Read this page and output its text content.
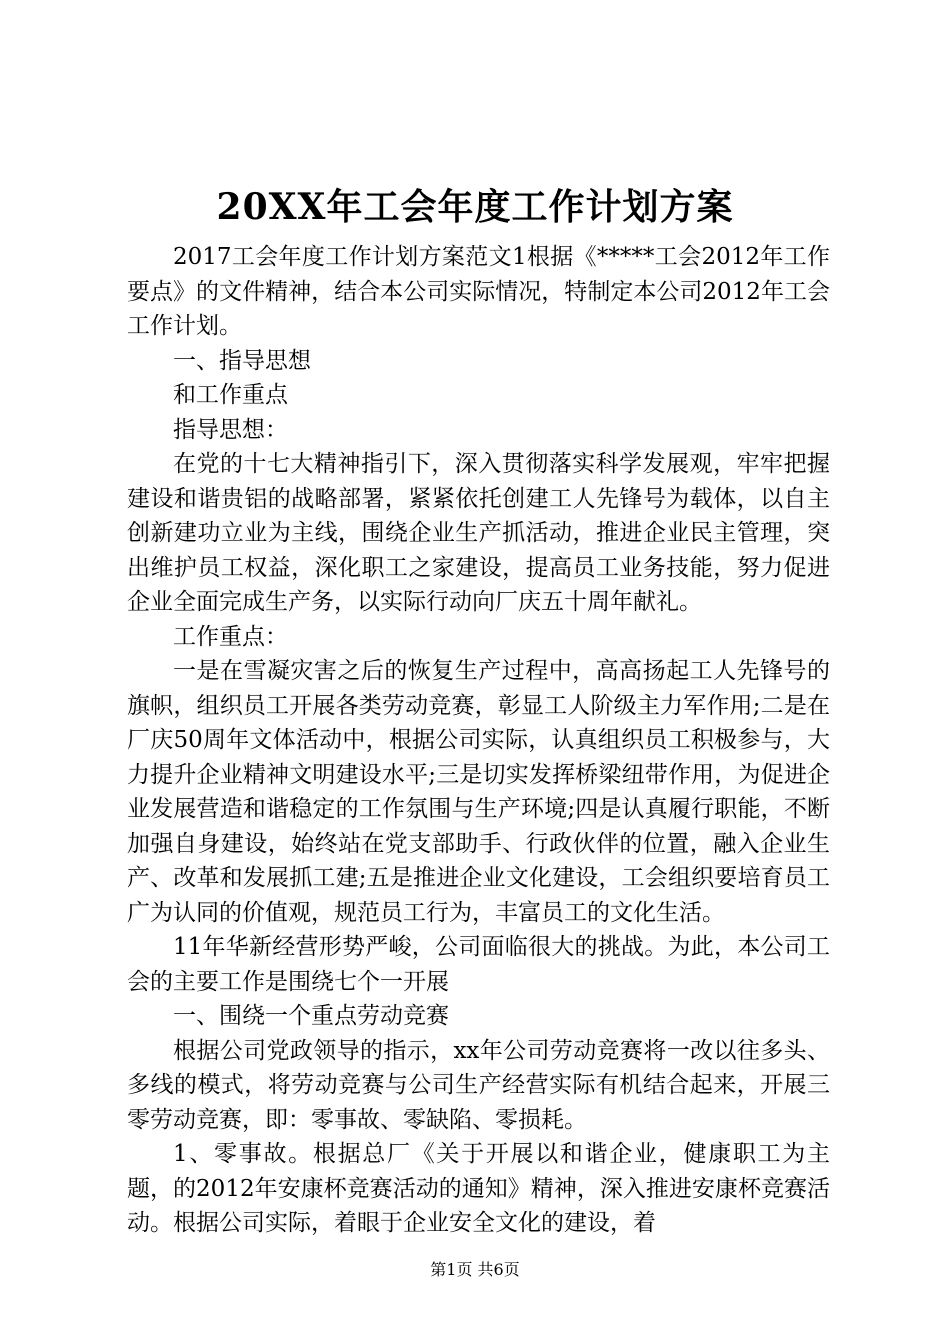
20XX年工会年度工作计划方案

2017工会年度工作计划方案范文1根据《*****工会2012年工作要点》的文件精神，结合本公司实际情况，特制定本公司2012年工会工作计划。

一、指导思想

和工作重点

指导思想：

在党的十七大精神指引下，深入贯彻落实科学发展观，牢牢把握建设和谐贵铝的战略部署，紧紧依托创建工人先锋号为载体，以自主创新建功立业为主线，围绕企业生产抓活动，推进企业民主管理，突出维护员工权益，深化职工之家建设，提高员工业务技能，努力促进企业全面完成生产务，以实际行动向厂庆五十周年献礼。

工作重点：

一是在雪凝灾害之后的恢复生产过程中，高高扬起工人先锋号的旗帜，组织员工开展各类劳动竞赛，彰显工人阶级主力军作用;二是在厂庆50周年文体活动中，根据公司实际，认真组织员工积极参与，大力提升企业精神文明建设水平;三是切实发挥桥梁纽带作用，为促进企业发展营造和谐稳定的工作氛围与生产环境;四是认真履行职能，不断加强自身建设，始终站在党支部助手、行政伙伴的位置，融入企业生产、改革和发展抓工建;五是推进企业文化建设，工会组织要培育员工广为认同的价值观，规范员工行为，丰富员工的文化生活。

11年华新经营形势严峻，公司面临很大的挑战。为此，本公司工会的主要工作是围绕七个一开展

一、围绕一个重点劳动竞赛

根据公司党政领导的指示，xx年公司劳动竞赛将一改以往多头、多线的模式，将劳动竞赛与公司生产经营实际有机结合起来，开展三零劳动竞赛，即：零事故、零缺陷、零损耗。

1、零事故。根据总厂《关于开展以和谐企业，健康职工为主题，的2012年安康杯竞赛活动的通知》精神，深入推进安康杯竞赛活动。根据公司实际，着眼于企业安全文化的建设，着

第1页 共6页
